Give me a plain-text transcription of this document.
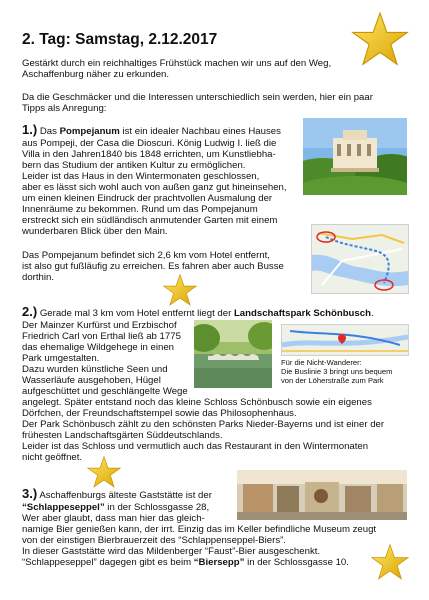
2. Tag: Samstag, 2.12.2017
Gestärkt durch ein reichhaltiges Frühstück machen wir uns auf den Weg,
Aschaffenburg näher zu erkunden.
Da die Geschmäcker und die Interessen unterschiedlich sein werden, hier ein paar
Tipps als Anregung:
1.) Das Pompejanum ist ein idealer Nachbau eines Hauses
aus Pompeji, der Casa die Dioscuri. König Ludwig I. ließ die
Villa in den Jahren1840 bis 1848 errichten, um Kunstliebha-
bern das Studium der antiken Kultur zu ermöglichen.
Leider ist das Haus in den Wintermonaten geschlossen,
aber es lässt sich wohl auch von außen ganz gut hineinsehen,
um einen kleinen Eindruck der prachtvollen Ausmalung der
Innenräume zu bekommen. Rund um das Pompejanum
erstreckt sich ein südländisch anmutender Garten mit einem
wunderbaren Blick über den Main.
Das Pompejanum befindet sich 2,6 km vom Hotel entfernt,
ist also gut fußläufig zu erreichen. Es fahren aber auch Busse
dorthin.
2.) Gerade mal 3 km vom Hotel entfernt liegt der Landschaftspark Schönbusch.
Der Mainzer Kurfürst und Erzbischof
Friedrich Carl von Erthal ließ ab 1775
das ehemalige Wildgehege in einen
Park umgestalten.
Dazu wurden künstliche Seen und
Wasserläufe ausgehoben, Hügel
aufgeschüttet und geschlängelte Wege
Für die Nicht-Wanderer:
Die Buslinie 3 bringt uns bequem
von der Löherstraße zum Park
angelegt. Später entstand noch das kleine Schloss Schönbusch sowie ein eigenes
Dörfchen, der Freundschaftstempel sowie das Philosophenhaus.
Der Park Schönbusch zählt zu den schönsten Parks Nieder-Bayerns und ist einer der
frühesten Landschaftsgärten Süddeutschlands.
Leider ist das Schloss und vermutlich auch das Restaurant in den Wintermonaten
nicht geöffnet.
3.) Aschaffenburgs älteste Gaststätte ist der
“Schlappeseppel” in der Schlossgasse 28,
Wer aber glaubt, dass man hier das gleich-
namige Bier genießen kann, der irrt. Einzig das im Keller befindliche Museum zeugt
von der einstigen Bierbrauerzeit des “Schlappenseppel-Biers”.
In dieser Gaststätte wird das Mildenberger “Faust”-Bier ausgeschenkt.
“Schlappeseppel” dagegen gibt es beim “Biersepp” in der Schlossgasse 10.
